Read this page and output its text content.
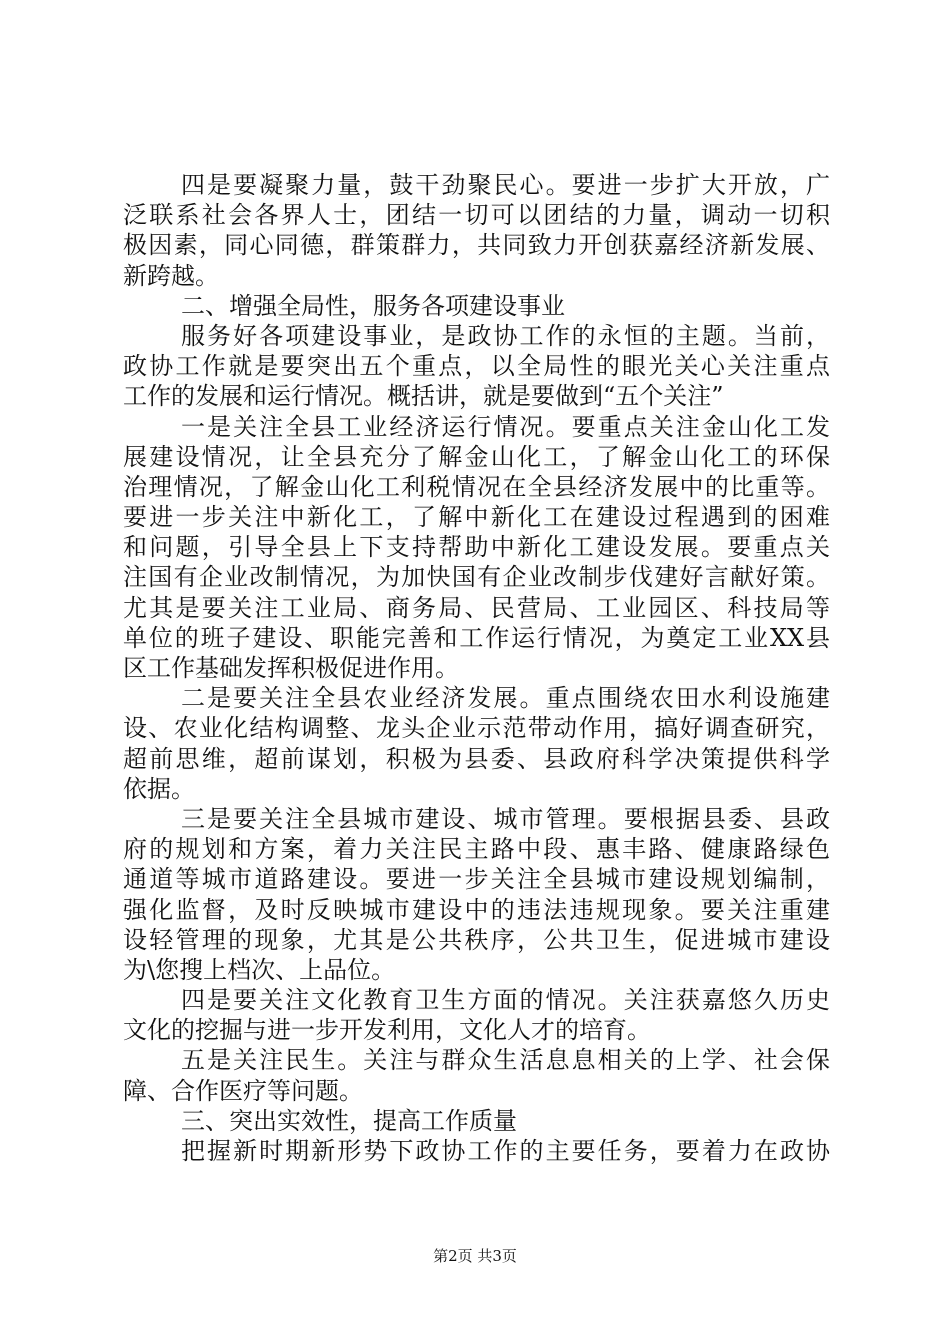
四是要凝聚力量，鼓干劲聚民心。要进一步扩大开放，广
泛联系社会各界人士，团结一切可以团结的力量，调动一切积
极因素，同心同德，群策群力，共同致力开创获嘉经济新发展、
新跨越。
二、增强全局性，服务各项建设事业
服务好各项建设事业，是政协工作的永恒的主题。当前，
政协工作就是要突出五个重点，以全局性的眼光关心关注重点
工作的发展和运行情况。概括讲，就是要做到“五个关注”
一是关注全县工业经济运行情况。要重点关注金山化工发
展建设情况，让全县充分了解金山化工，了解金山化工的环保
治理情况，了解金山化工利税情况在全县经济发展中的比重等。
要进一步关注中新化工，了解中新化工在建设过程遇到的困难
和问题，引导全县上下支持帮助中新化工建设发展。要重点关
注国有企业改制情况，为加快国有企业改制步伐建好言献好策。
尤其是要关注工业局、商务局、民营局、工业园区、科技局等
单位的班子建设、职能完善和工作运行情况，为奠定工业XX县
区工作基础发挥积极促进作用。
二是要关注全县农业经济发展。重点围绕农田水利设施建
设、农业化结构调整、龙头企业示范带动作用，搞好调查研究，
超前思维，超前谋划，积极为县委、县政府科学决策提供科学
依据。
三是要关注全县城市建设、城市管理。要根据县委、县政
府的规划和方案，着力关注民主路中段、惠丰路、健康路绿色
通道等城市道路建设。要进一步关注全县城市建设规划编制，
强化监督，及时反映城市建设中的违法违规现象。要关注重建
设轻管理的现象，尤其是公共秩序，公共卫生，促进城市建设
为\您搜上档次、上品位。
四是要关注文化教育卫生方面的情况。关注获嘉悠久历史
文化的挖掘与进一步开发利用，文化人才的培育。
五是关注民生。关注与群众生活息息相关的上学、社会保
障、合作医疗等问题。
三、突出实效性，提高工作质量
把握新时期新形势下政协工作的主要任务，要着力在政协
第2页 共3页
